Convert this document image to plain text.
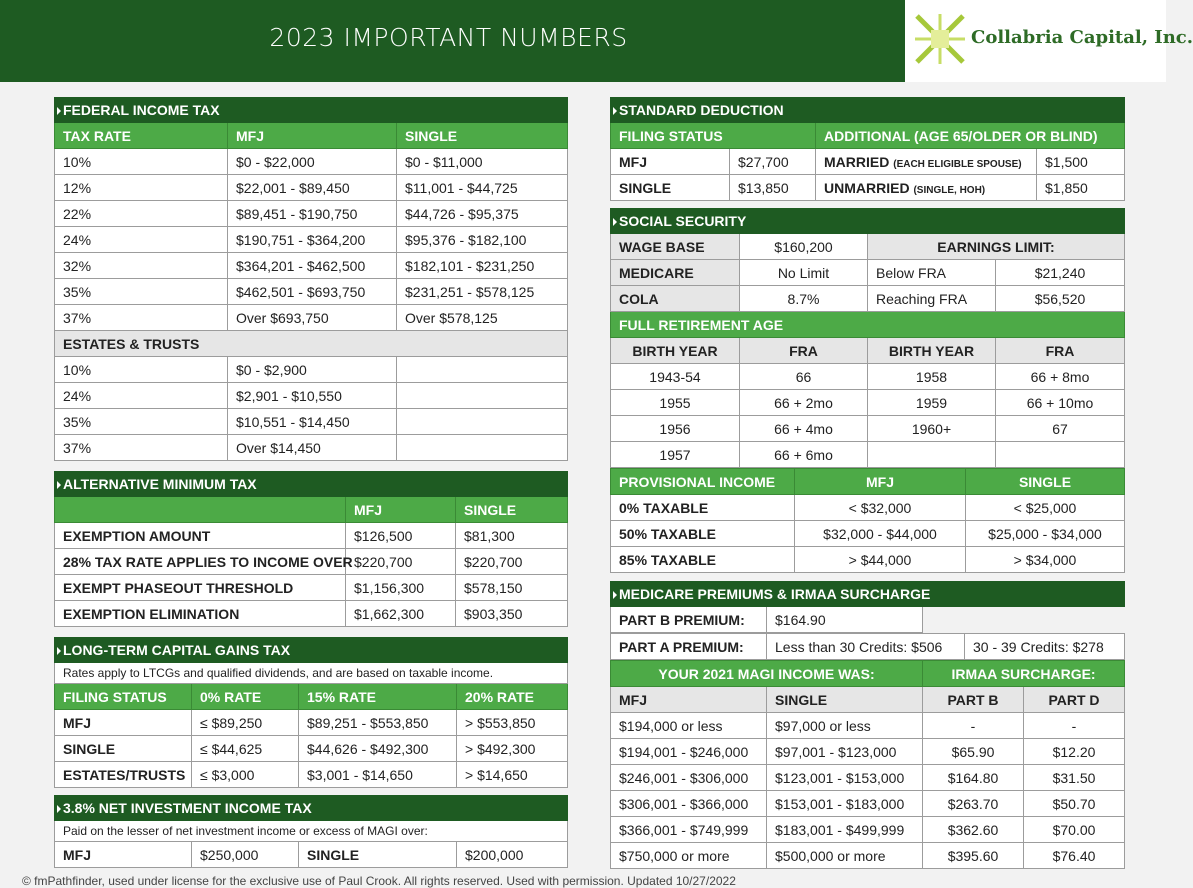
2023 IMPORTANT NUMBERS	Collabria Capital, Inc.
FEDERAL INCOME TAX		
TAX RATE	MFJ	SINGLE
10%	$0 - $22,000	$0 - $11,000
12%	$22,001 - $89,450	$11,001 - $44,725
22%	$89,451 - $190,750	$44,726 - $95,375
24%	$190,751 - $364,200	$95,376 - $182,100
32%	$364,201 - $462,500	$182,101 - $231,250
35%	$462,501 - $693,750	$231,251 - $578,125
37%	Over $693,750	Over $578,125
ESTATES & TRUSTS		
10%	$0 - $2,900	
24%	$2,901 - $10,550	
35%	$10,551 - $14,450	
37%	Over $14,450	
ALTERNATIVE MINIMUM TAX		
	MFJ	SINGLE
EXEMPTION AMOUNT	$126,500	$81,300
28% TAX RATE APPLIES TO INCOME OVER	$220,700	$220,700
EXEMPT PHASEOUT THRESHOLD	$1,156,300	$578,150
EXEMPTION ELIMINATION	$1,662,300	$903,350
LONG-TERM CAPITAL GAINS TAX			
Rates apply to LTCGs and qualified dividends, and are based on taxable income.			
FILING STATUS	0% RATE	15% RATE	20% RATE
MFJ	≤ $89,250	$89,251 - $553,850	> $553,850
SINGLE	≤ $44,625	$44,626 - $492,300	> $492,300
ESTATES/TRUSTS	≤ $3,000	$3,001 - $14,650	> $14,650
3.8% NET INVESTMENT INCOME TAX
Paid on the lesser of net investment income or excess of MAGI over:
MFJ	$250,000	SINGLE	$200,000
STANDARD DEDUCTION			
FILING STATUS		ADDITIONAL (AGE 65/OLDER OR BLIND)	
MFJ	$27,700	MARRIED (EACH ELIGIBLE SPOUSE)	$1,500
SINGLE	$13,850	UNMARRIED (SINGLE, HOH)	$1,850
SOCIAL SECURITY			
WAGE BASE	$160,200	EARNINGS LIMIT:	
MEDICARE	No Limit	Below FRA	$21,240
COLA	8.7%	Reaching FRA	$56,520
FULL RETIREMENT AGE			
BIRTH YEAR	FRA	BIRTH YEAR	FRA
1943-54	66	1958	66 + 8mo
1955	66 + 2mo	1959	66 + 10mo
1956	66 + 4mo	1960+	67
1957	66 + 6mo		
PROVISIONAL INCOME	MFJ	SINGLE
0% TAXABLE	< $32,000	< $25,000
50% TAXABLE	$32,000 - $44,000	$25,000 - $34,000
85% TAXABLE	> $44,000	> $34,000
MEDICARE PREMIUMS & IRMAA SURCHARGE
PART B PREMIUM:	$164.90	
PART A PREMIUM:	Less than 30 Credits: $506	30 - 39 Credits: $278
YOUR 2021 MAGI INCOME WAS:		IRMAA SURCHARGE:	
MFJ	SINGLE	PART B	PART D
$194,000 or less	$97,000 or less	-	-
$194,001 - $246,000	$97,001 - $123,000	$65.90	$12.20
$246,001 - $306,000	$123,001 - $153,000	$164.80	$31.50
$306,001 - $366,000	$153,001 - $183,000	$263.70	$50.70
$366,001 - $749,999	$183,001 - $499,999	$362.60	$70.00
$750,000 or more	$500,000 or more	$395.60	$76.40
© fmPathfinder, used under license for the exclusive use of Paul Crook. All rights reserved. Used with permission. Updated 10/27/2022
